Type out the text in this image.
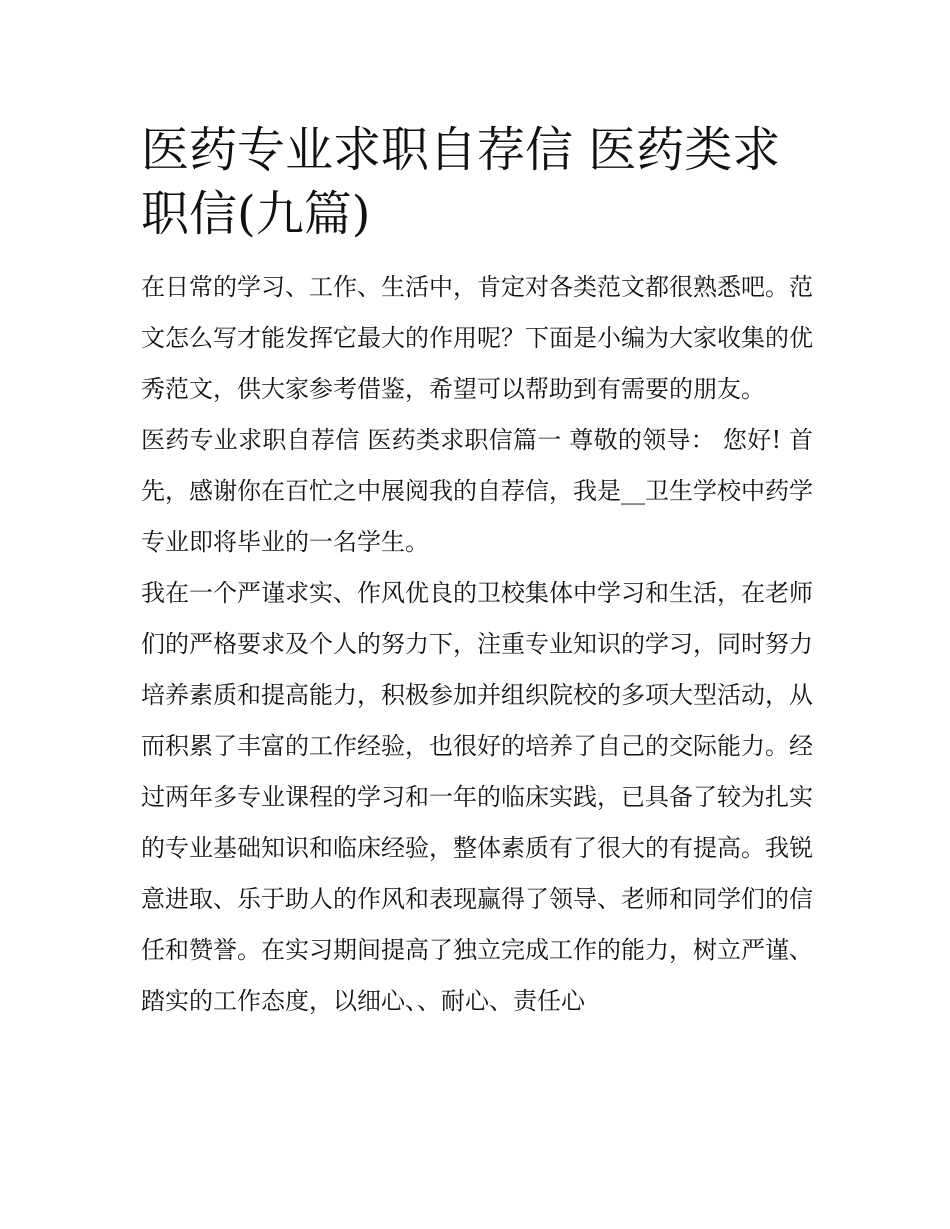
医药专业求职自荐信 医药类求职信(九篇)

在日常的学习、工作、生活中，肯定对各类范文都很熟悉吧。范文怎么写才能发挥它最大的作用呢？下面是小编为大家收集的优秀范文，供大家参考借鉴，希望可以帮助到有需要的朋友。

医药专业求职自荐信 医药类求职信篇一 尊敬的领导： 您好! 首先，感谢你在百忙之中展阅我的自荐信，我是__卫生学校中药学专业即将毕业的一名学生。

我在一个严谨求实、作风优良的卫校集体中学习和生活，在老师们的严格要求及个人的努力下，注重专业知识的学习，同时努力培养素质和提高能力，积极参加并组织院校的多项大型活动，从而积累了丰富的工作经验，也很好的培养了自己的交际能力。经过两年多专业课程的学习和一年的临床实践，已具备了较为扎实的专业基础知识和临床经验，整体素质有了很大的有提高。我锐意进取、乐于助人的作风和表现赢得了领导、老师和同学们的信任和赞誉。在实习期间提高了独立完成工作的能力，树立严谨、踏实的工作态度，以细心、、耐心、责任心
